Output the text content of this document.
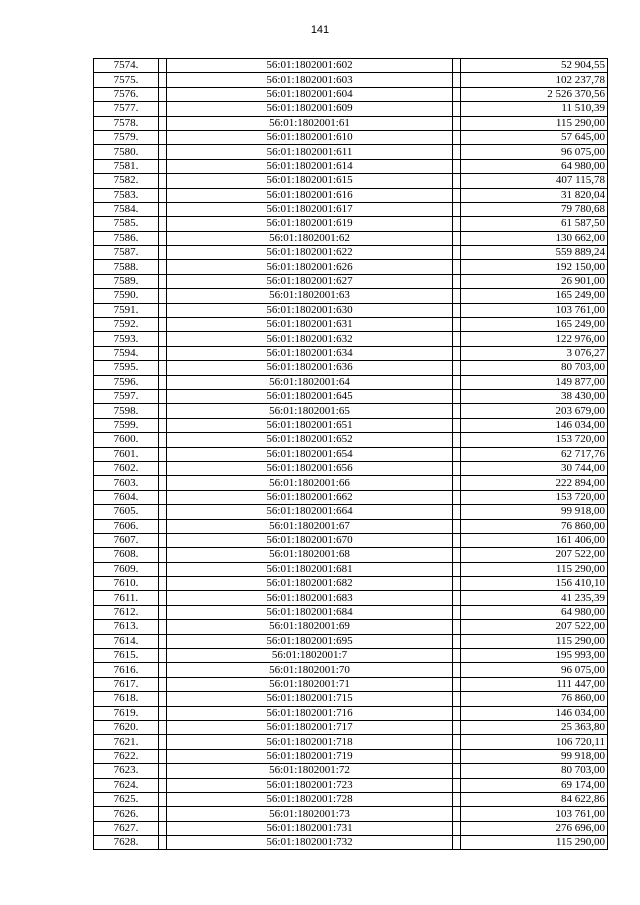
141
7574.		56:01:1802001:602		52 904,55
7575.		56:01:1802001:603		102 237,78
7576.		56:01:1802001:604		2 526 370,56
7577.		56:01:1802001:609		11 510,39
7578.		56:01:1802001:61		115 290,00
7579.		56:01:1802001:610		57 645,00
7580.		56:01:1802001:611		96 075,00
7581.		56:01:1802001:614		64 980,00
7582.		56:01:1802001:615		407 115,78
7583.		56:01:1802001:616		31 820,04
7584.		56:01:1802001:617		79 780,68
7585.		56:01:1802001:619		61 587,50
7586.		56:01:1802001:62		130 662,00
7587.		56:01:1802001:622		559 889,24
7588.		56:01:1802001:626		192 150,00
7589.		56:01:1802001:627		26 901,00
7590.		56:01:1802001:63		165 249,00
7591.		56:01:1802001:630		103 761,00
7592.		56:01:1802001:631		165 249,00
7593.		56:01:1802001:632		122 976,00
7594.		56:01:1802001:634		3 076,27
7595.		56:01:1802001:636		80 703,00
7596.		56:01:1802001:64		149 877,00
7597.		56:01:1802001:645		38 430,00
7598.		56:01:1802001:65		203 679,00
7599.		56:01:1802001:651		146 034,00
7600.		56:01:1802001:652		153 720,00
7601.		56:01:1802001:654		62 717,76
7602.		56:01:1802001:656		30 744,00
7603.		56:01:1802001:66		222 894,00
7604.		56:01:1802001:662		153 720,00
7605.		56:01:1802001:664		99 918,00
7606.		56:01:1802001:67		76 860,00
7607.		56:01:1802001:670		161 406,00
7608.		56:01:1802001:68		207 522,00
7609.		56:01:1802001:681		115 290,00
7610.		56:01:1802001:682		156 410,10
7611.		56:01:1802001:683		41 235,39
7612.		56:01:1802001:684		64 980,00
7613.		56:01:1802001:69		207 522,00
7614.		56:01:1802001:695		115 290,00
7615.		56:01:1802001:7		195 993,00
7616.		56:01:1802001:70		96 075,00
7617.		56:01:1802001:71		111 447,00
7618.		56:01:1802001:715		76 860,00
7619.		56:01:1802001:716		146 034,00
7620.		56:01:1802001:717		25 363,80
7621.		56:01:1802001:718		106 720,11
7622.		56:01:1802001:719		99 918,00
7623.		56:01:1802001:72		80 703,00
7624.		56:01:1802001:723		69 174,00
7625.		56:01:1802001:728		84 622,86
7626.		56:01:1802001:73		103 761,00
7627.		56:01:1802001:731		276 696,00
7628.		56:01:1802001:732		115 290,00
